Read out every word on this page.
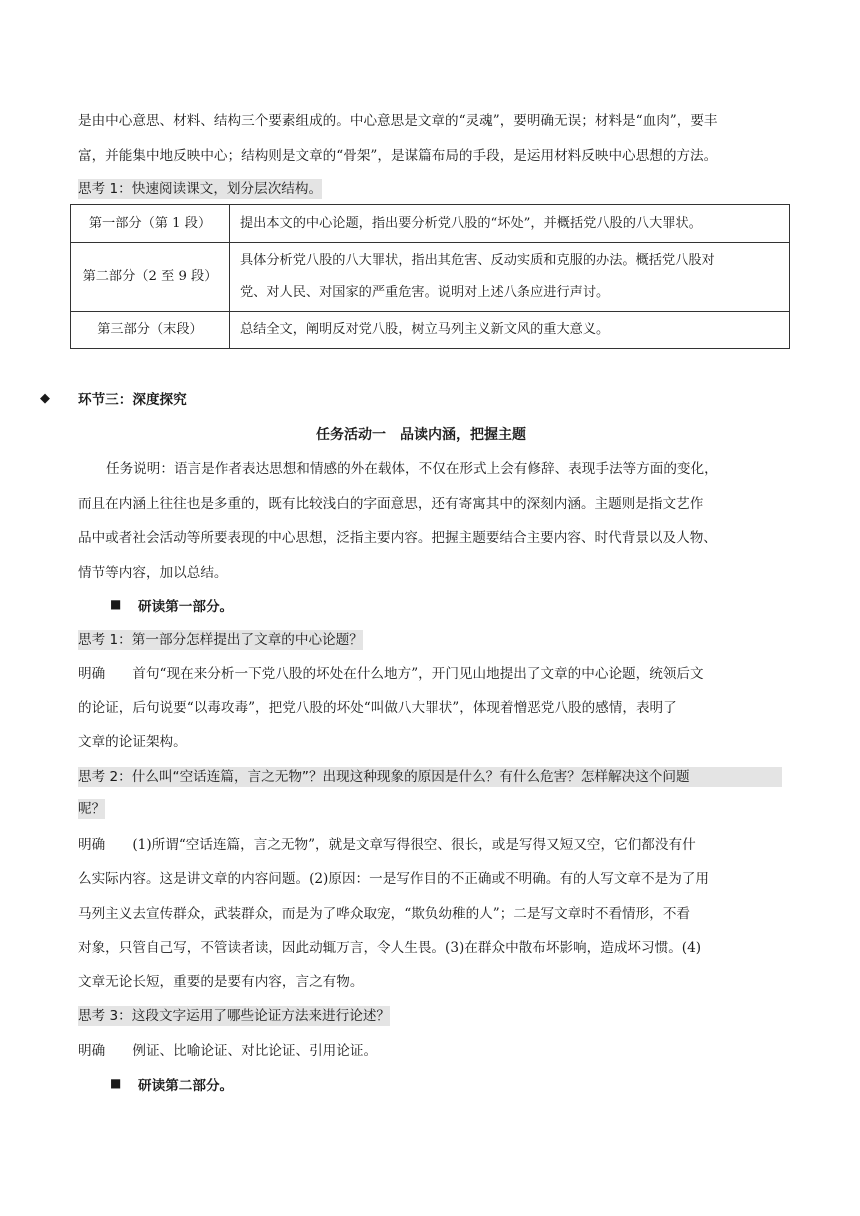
是由中心意思、材料、结构三个要素组成的。中心意思是文章的“灵魂”，要明确无误；材料是“血肉”，要丰
富，并能集中地反映中心；结构则是文章的“骨架”，是谋篇布局的手段，是运用材料反映中心思想的方法。
思考 1：快速阅读课文，划分层次结构。
第一部分（第 1 段）	提出本文的中心论题，指出要分析党八股的“坏处”，并概括党八股的八大罪状。
第二部分（2 至 9 段）	具体分析党八股的八大罪状，指出其危害、反动实质和克服的办法。概括党八股对
党、对人民、对国家的严重危害。说明对上述八条应进行声讨。

第三部分（末段）	总结全文，阐明反对党八股，树立马列主义新文风的重大意义。
◆ 环节三：深度探究
任务活动一　品读内涵，把握主题
任务说明：语言是作者表达思想和情感的外在载体，不仅在形式上会有修辞、表现手法等方面的变化，
而且在内涵上往往也是多重的，既有比较浅白的字面意思，还有寄寓其中的深刻内涵。主题则是指文艺作
品中或者社会活动等所要表现的中心思想，泛指主要内容。把握主题要结合主要内容、时代背景以及人物、
情节等内容，加以总结。
■ 研读第一部分。
思考 1：第一部分怎样提出了文章的中心论题？
明确　　首句“现在来分析一下党八股的坏处在什么地方”，开门见山地提出了文章的中心论题，统领后文
的论证，后句说要“以毒攻毒”，把党八股的坏处“叫做八大罪状”，体现着憎恶党八股的感情，表明了
文章的论证架构。
思考 2：什么叫“空话连篇，言之无物”？出现这种现象的原因是什么？有什么危害？怎样解决这个问题
呢？
明确　　(1)所谓“空话连篇，言之无物”，就是文章写得很空、很长，或是写得又短又空，它们都没有什
么实际内容。这是讲文章的内容问题。(2)原因：一是写作目的不正确或不明确。有的人写文章不是为了用
马列主义去宣传群众，武装群众，而是为了哗众取宠，“欺负幼稚的人”；二是写文章时不看情形，不看
对象，只管自己写，不管读者读，因此动辄万言，令人生畏。(3)在群众中散布坏影响，造成坏习惯。(4)
文章无论长短，重要的是要有内容，言之有物。
思考 3：这段文字运用了哪些论证方法来进行论述？
明确　　例证、比喻论证、对比论证、引用论证。
■ 研读第二部分。
